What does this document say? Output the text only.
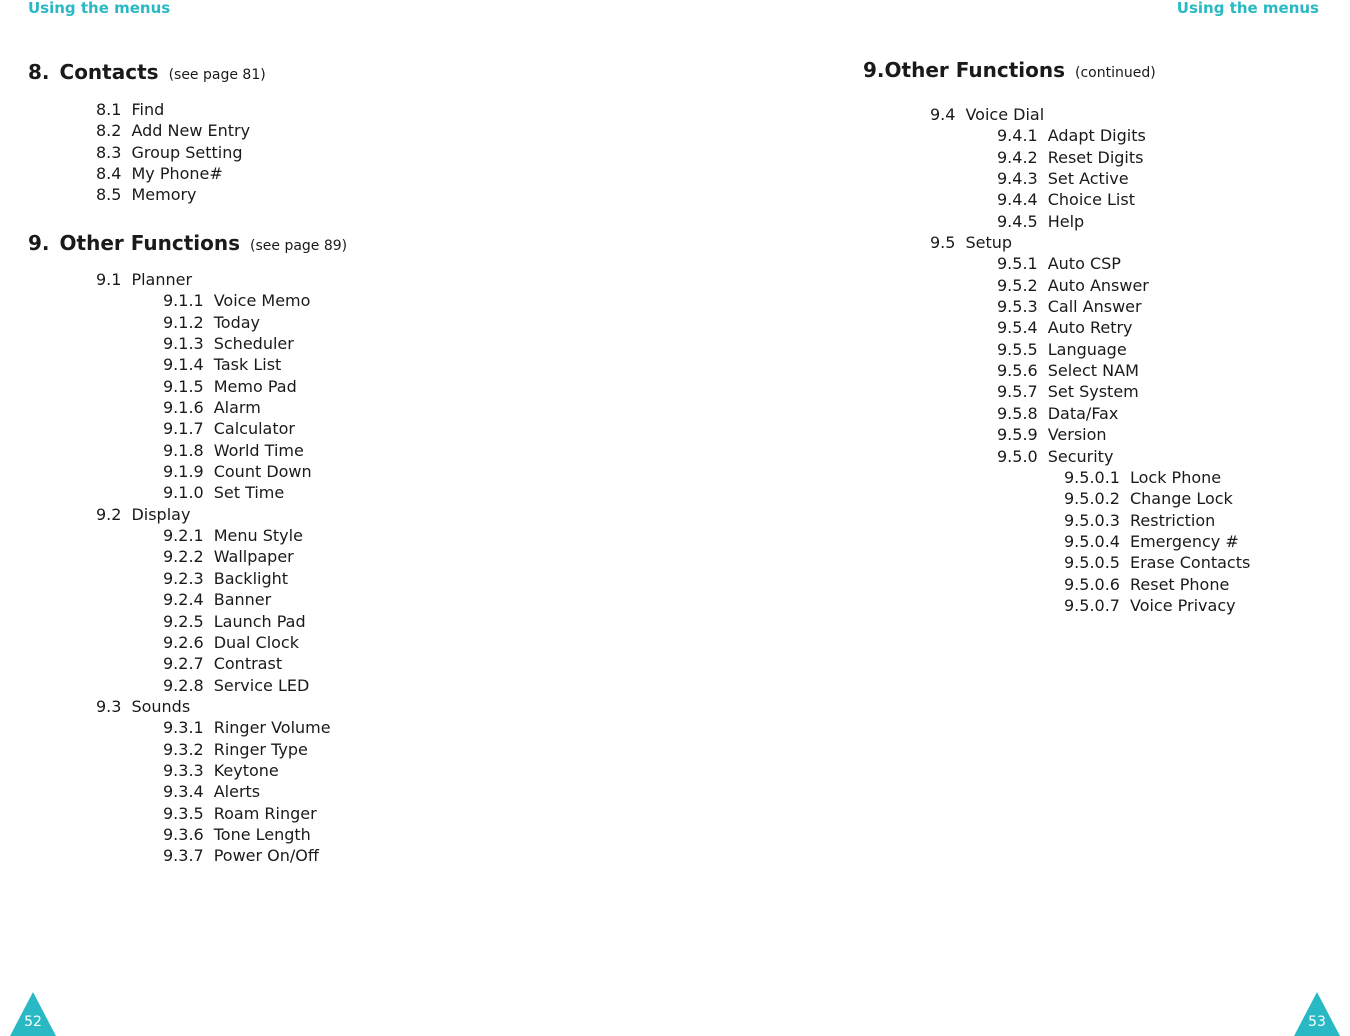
Using the menus
8. Contacts (see page 81)
8.1 Find
8.2 Add New Entry
8.3 Group Setting
8.4 My Phone#
8.5 Memory
9. Other Functions (see page 89)
9.1 Planner
9.1.1 Voice Memo
9.1.2 Today
9.1.3 Scheduler
9.1.4 Task List
9.1.5 Memo Pad
9.1.6 Alarm
9.1.7 Calculator
9.1.8 World Time
9.1.9 Count Down
9.1.0 Set Time
9.2 Display
9.2.1 Menu Style
9.2.2 Wallpaper
9.2.3 Backlight
9.2.4 Banner
9.2.5 Launch Pad
9.2.6 Dual Clock
9.2.7 Contrast
9.2.8 Service LED
9.3 Sounds
9.3.1 Ringer Volume
9.3.2 Ringer Type
9.3.3 Keytone
9.3.4 Alerts
9.3.5 Roam Ringer
9.3.6 Tone Length
9.3.7 Power On/Off
52
Using the menus
9.Other Functions (continued)
9.4 Voice Dial
9.4.1 Adapt Digits
9.4.2 Reset Digits
9.4.3 Set Active
9.4.4 Choice List
9.4.5 Help
9.5 Setup
9.5.1 Auto CSP
9.5.2 Auto Answer
9.5.3 Call Answer
9.5.4 Auto Retry
9.5.5 Language
9.5.6 Select NAM
9.5.7 Set System
9.5.8 Data/Fax
9.5.9 Version
9.5.0 Security
9.5.0.1 Lock Phone
9.5.0.2 Change Lock
9.5.0.3 Restriction
9.5.0.4 Emergency #
9.5.0.5 Erase Contacts
9.5.0.6 Reset Phone
9.5.0.7 Voice Privacy
53
